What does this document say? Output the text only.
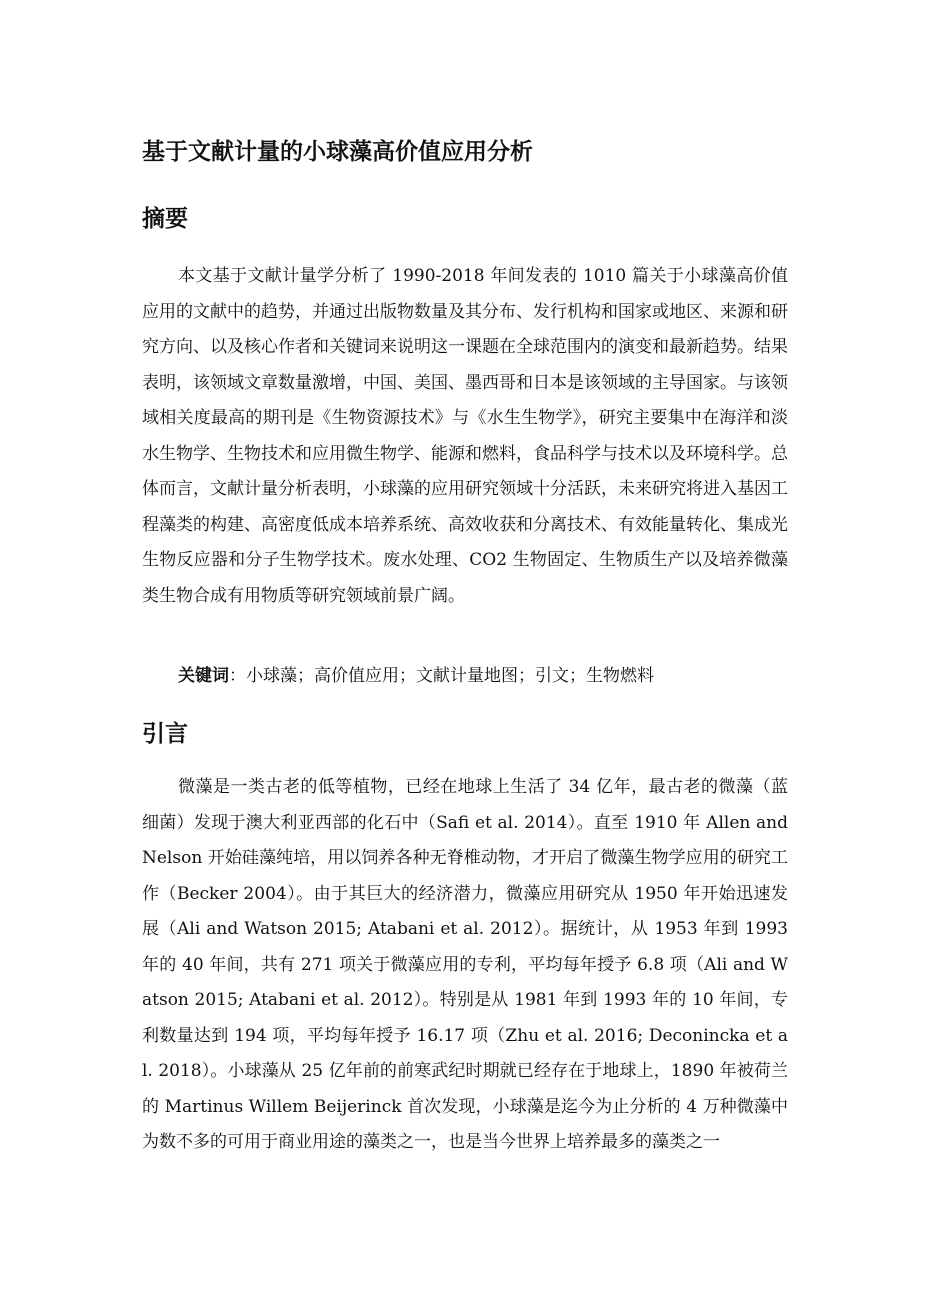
基于文献计量的小球藻高价值应用分析
摘要

本文基于文献计量学分析了 1990-2018 年间发表的 1010 篇关于小球藻高价值应用的文献中的趋势，并通过出版物数量及其分布、发行机构和国家或地区、来源和研究方向、以及核心作者和关键词来说明这一课题在全球范围内的演变和最新趋势。结果表明，该领域文章数量激增，中国、美国、墨西哥和日本是该领域的主导国家。与该领域相关度最高的期刊是《生物资源技术》与《水生生物学》，研究主要集中在海洋和淡水生物学、生物技术和应用微生物学、能源和燃料，食品科学与技术以及环境科学。总体而言，文献计量分析表明，小球藻的应用研究领域十分活跃，未来研究将进入基因工程藻类的构建、高密度低成本培养系统、高效收获和分离技术、有效能量转化、集成光生物反应器和分子生物学技术。废水处理、CO2 生物固定、生物质生产以及培养微藻类生物合成有用物质等研究领域前景广阔。

关键词：小球藻；高价值应用；文献计量地图；引文；生物燃料

引言

微藻是一类古老的低等植物，已经在地球上生活了 34 亿年，最古老的微藻（蓝细菌）发现于澳大利亚西部的化石中（Safi et al. 2014）。直至 1910 年 Allen and Nelson 开始硅藻纯培，用以饲养各种无脊椎动物，才开启了微藻生物学应用的研究工作（Becker 2004）。由于其巨大的经济潜力，微藻应用研究从 1950 年开始迅速发展（Ali and Watson 2015; Atabani et al. 2012）。据统计，从 1953 年到 1993 年的 40 年间，共有 271 项关于微藻应用的专利，平均每年授予 6.8 项（Ali and Watson 2015; Atabani et al. 2012）。特别是从 1981 年到 1993 年的 10 年间，专利数量达到 194 项，平均每年授予 16.17 项（Zhu et al. 2016; Deconincka et al. 2018）。小球藻从 25 亿年前的前寒武纪时期就已经存在于地球上，1890 年被荷兰的 Martinus Willem Beijerinck 首次发现，小球藻是迄今为止分析的 4 万种微藻中为数不多的可用于商业用途的藻类之一，也是当今世界上培养最多的藻类之一
